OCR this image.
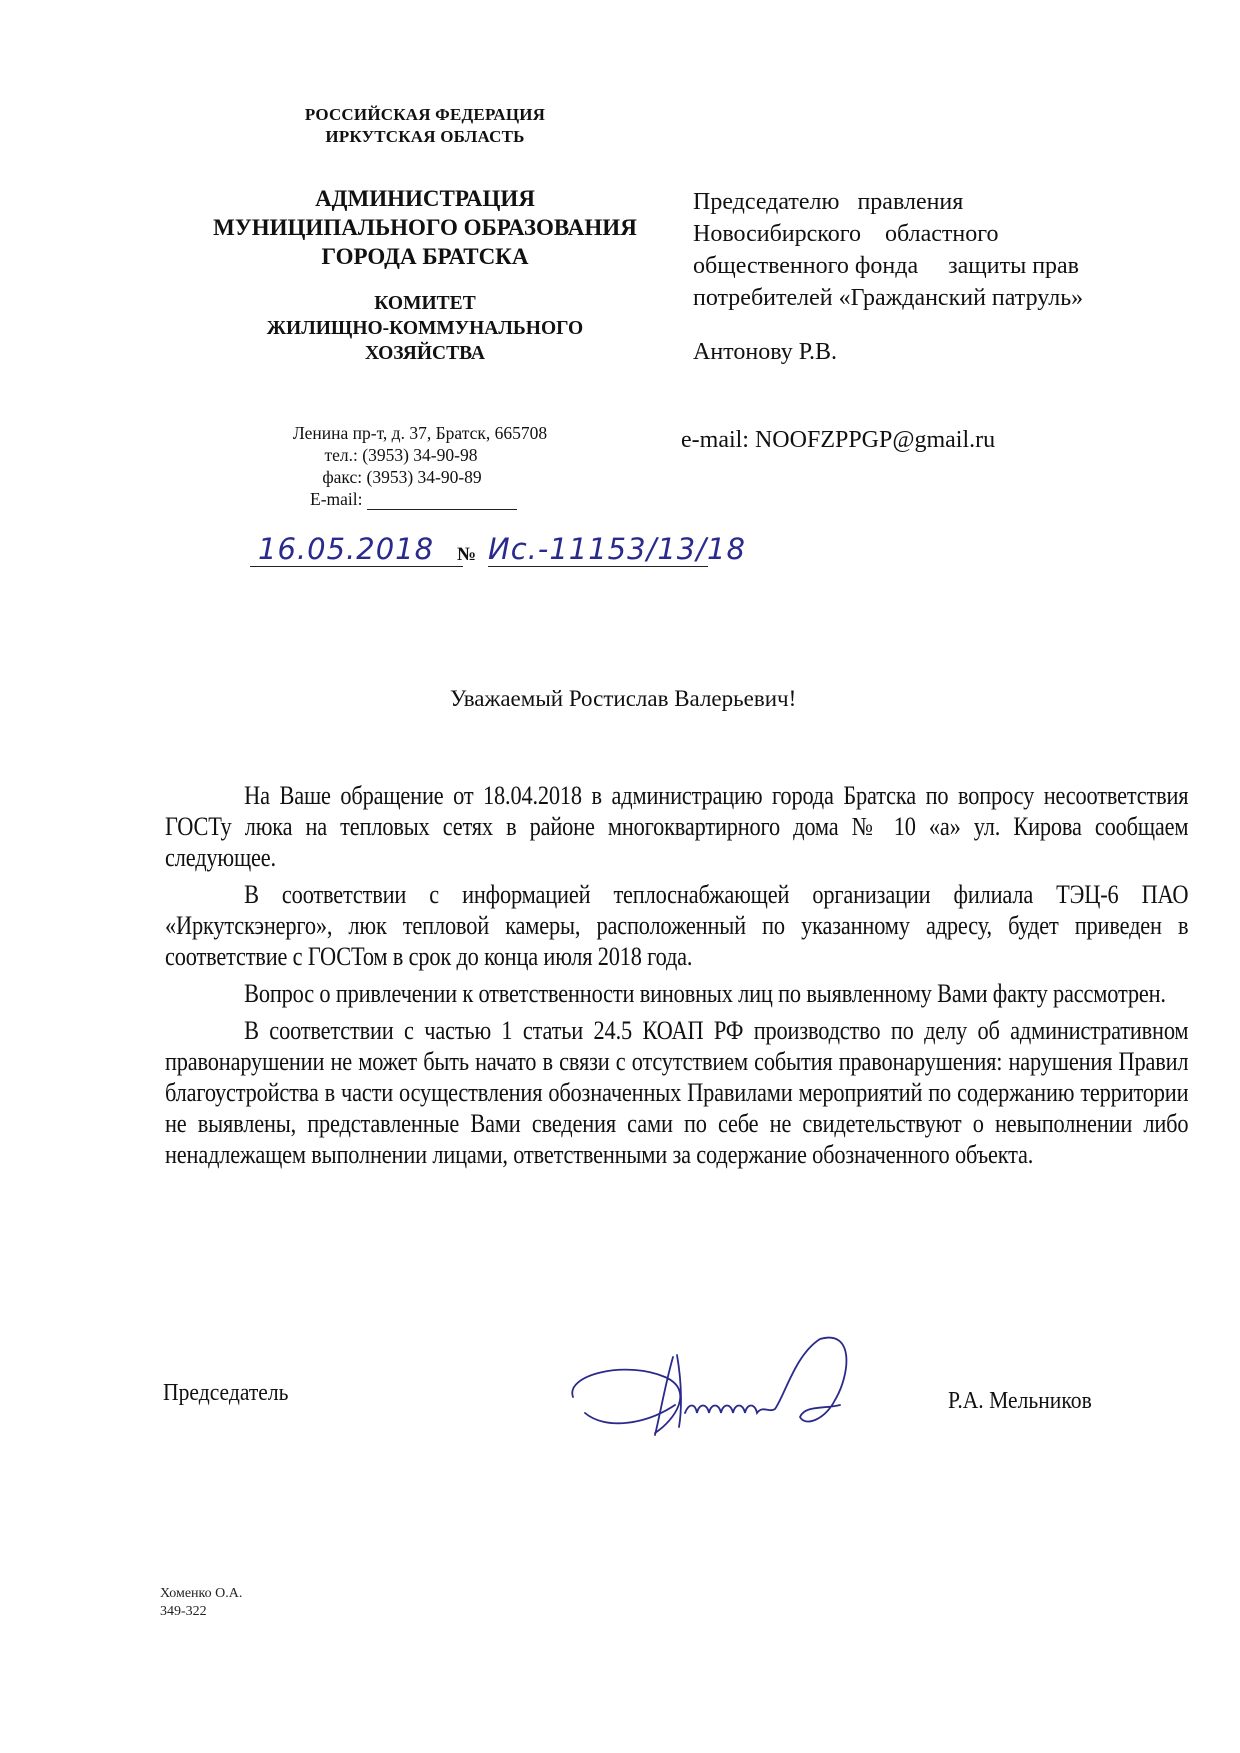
РОССИЙСКАЯ ФЕДЕРАЦИЯ
ИРКУТСКАЯ ОБЛАСТЬ
АДМИНИСТРАЦИЯ
МУНИЦИПАЛЬНОГО ОБРАЗОВАНИЯ
ГОРОДА БРАТСКА
КОМИТЕТ
ЖИЛИЩНО-КОММУНАЛЬНОГО
ХОЗЯЙСТВА
Ленина пр-т, д. 37, Братск, 665708
тел.: (3953) 34-90-98
факс: (3953) 34-90-89
E-mail:
16.05.2018	№ Ис.-11153/13/18
Председателю   правления
Новосибирского    областного
общественного фонда     защиты прав
потребителей «Гражданский патруль»
Антонову Р.В.
e-mail: NOOFZPPGP@gmail.ru
Уважаемый Ростислав Валерьевич!

На Ваше обращение от 18.04.2018 в администрацию города Братска по вопросу несоответствия ГОСТу люка на тепловых сетях в районе многоквартирного дома № 10 «а» ул. Кирова сообщаем следующее.

В соответствии с информацией теплоснабжающей организации филиала ТЭЦ-6 ПАО «Иркутскэнерго», люк тепловой камеры, расположенный по указанному адресу, будет приведен в соответствие с ГОСТом в срок до конца июля 2018 года.

Вопрос о привлечении к ответственности виновных лиц по выявленному Вами факту рассмотрен.

В соответствии с частью 1 статьи 24.5 КОАП РФ производство по делу об административном правонарушении не может быть начато в связи с отсутствием события правонарушения: нарушения Правил благоустройства в части осуществления обозначенных Правилами мероприятий по содержанию территории не выявлены, представленные Вами сведения сами по себе не свидетельствуют о невыполнении либо ненадлежащем выполнении лицами, ответственными за содержание обозначенного объекта.

Председатель	Р.А. Мельников
Хоменко О.А.
349-322
